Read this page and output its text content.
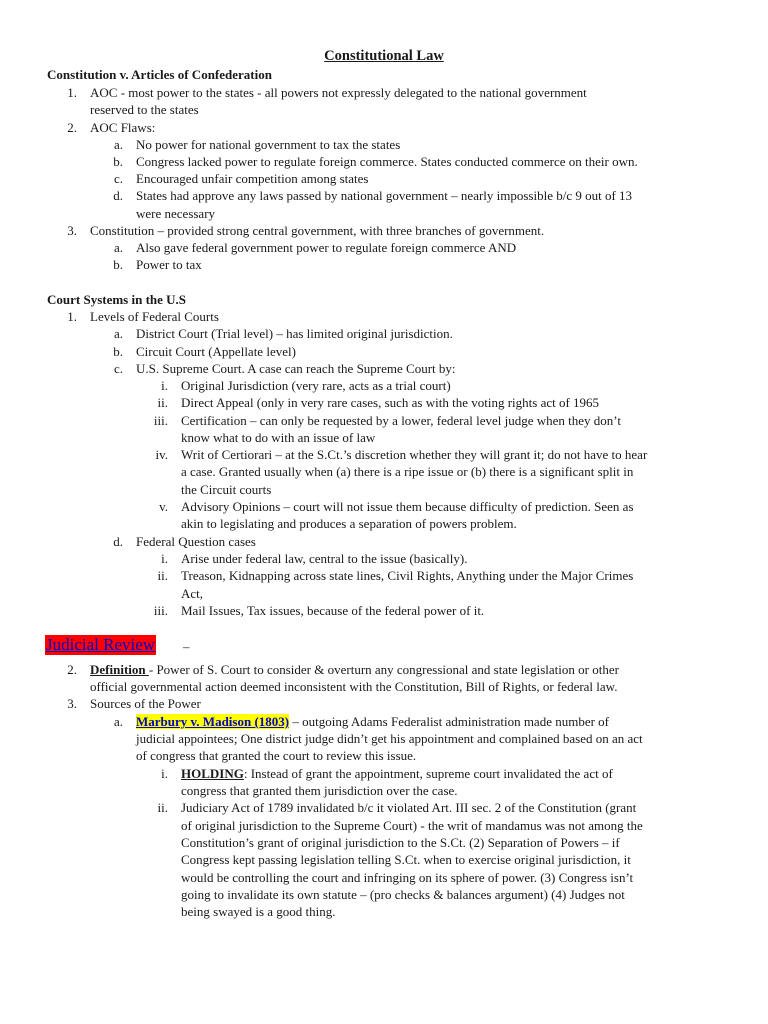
Constitutional Law
Constitution v. Articles of Confederation
1. AOC - most power to the states - all powers not expressly delegated to the national government
reserved to the states
2. AOC Flaws:
a. No power for national government to tax the states
b. Congress lacked power to regulate foreign commerce. States conducted commerce on their own.
c. Encouraged unfair competition among states
d. States had approve any laws passed by national government – nearly impossible b/c 9 out of 13
were necessary
3. Constitution – provided strong central government, with three branches of government.
a. Also gave federal government power to regulate foreign commerce AND
b. Power to tax
Court Systems in the U.S
1. Levels of Federal Courts
a. District Court (Trial level) – has limited original jurisdiction.
b. Circuit Court (Appellate level)
c. U.S. Supreme Court. A case can reach the Supreme Court by:
i. Original Jurisdiction (very rare, acts as a trial court)
ii. Direct Appeal (only in very rare cases, such as with the voting rights act of 1965
iii. Certification – can only be requested by a lower, federal level judge when they don’t
know what to do with an issue of law
iv. Writ of Certiorari – at the S.Ct.’s discretion whether they will grant it; do not have to hear
a case. Granted usually when (a) there is a ripe issue or (b) there is a significant split in
the Circuit courts
v. Advisory Opinions – court will not issue them because difficulty of prediction. Seen as
akin to legislating and produces a separation of powers problem.
d. Federal Question cases
i. Arise under federal law, central to the issue (basically).
ii. Treason, Kidnapping across state lines, Civil Rights, Anything under the Major Crimes
Act,
iii. Mail Issues, Tax issues, because of the federal power of it.
Judicial Review –
2. Definition - Power of S. Court to consider & overturn any congressional and state legislation or other
official governmental action deemed inconsistent with the Constitution, Bill of Rights, or federal law.
3. Sources of the Power
a. Marbury v. Madison (1803) – outgoing Adams Federalist administration made number of
judicial appointees; One district judge didn’t get his appointment and complained based on an act
of congress that granted the court to review this issue.
i. HOLDING: Instead of grant the appointment, supreme court invalidated the act of
congress that granted them jurisdiction over the case.
ii. Judiciary Act of 1789 invalidated b/c it violated Art. III sec. 2 of the Constitution (grant
of original jurisdiction to the Supreme Court) - the writ of mandamus was not among the
Constitution’s grant of original jurisdiction to the S.Ct. (2) Separation of Powers – if
Congress kept passing legislation telling S.Ct. when to exercise original jurisdiction, it
would be controlling the court and infringing on its sphere of power. (3) Congress isn’t
going to invalidate its own statute – (pro checks & balances argument) (4) Judges not
being swayed is a good thing.
